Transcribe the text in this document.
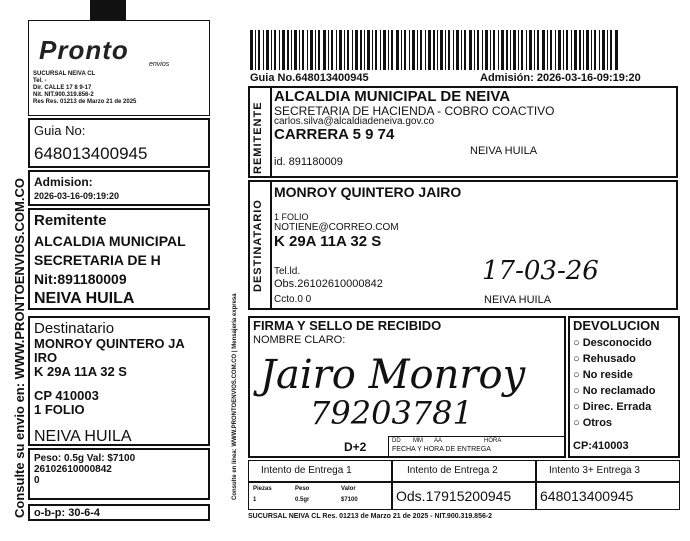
Pronto	envios
SUCURSAL NEIVA CL
Tel. -
Dir. CALLE 17 8 9-17
Nit. NIT.900.319.856-2
Res Res. 01213 de Marzo 21 de 2025
Guia No:
648013400945
Admision:
2026-03-16-09:19:20
Remitente
ALCALDIA MUNICIPAL
SECRETARIA DE H
Nit:891180009
NEIVA HUILA
Destinatario
MONROY QUINTERO JA
IRO
K 29A 11A 32 S
CP 410003
1 FOLIO
NEIVA HUILA
Peso: 0.5g Val: $7100
26102610000842
0
o-b-p: 30-6-4
Consulte su envio en: WWW.PRONTOENVIOS.COM.CO
Guia No.648013400945	Admisión: 2026-03-16-09:19:20
REMITENTE
ALCALDIA MUNICIPAL DE NEIVA
SECRETARIA DE HACIENDA - COBRO COACTIVO
carlos.silva@alcaldiadeneiva.gov.co
CARRERA 5 9 74
NEIVA HUILA
id. 891180009
DESTINATARIO
MONROY QUINTERO JAIRO
1 FOLIO
NOTIENE@CORREO.COM
K 29A 11A 32 S
Tel.ld.
Obs.26102610000842
Ccto.0 0	NEIVA HUILA
17-03-26
Consulte en línea: WWW.PRONTOENVIOS.COM.CO | Mensajería expresa FIRMA Y SELLO DE RECIBIDO
NOMBRE CLARO:
Jairo Monroy
79203781
D+2	DD MM AA	HORA
FECHA Y HORA DE ENTREGA
DEVOLUCION
○ Desconocido
○ Rehusado
○ No reside
○ No reclamado
○ Direc. Errada
○ Otros
CP:410003
Intento de Entrega 1	Intento de Entrega 2	Intento 3+ Entrega 3
Piezas	Peso	Valor
1	0.5gr	$7100	Ods.17915200945 648013400945
SUCURSAL NEIVA CL Res. 01213 de Marzo 21 de 2025 - NIT.900.319.856-2
